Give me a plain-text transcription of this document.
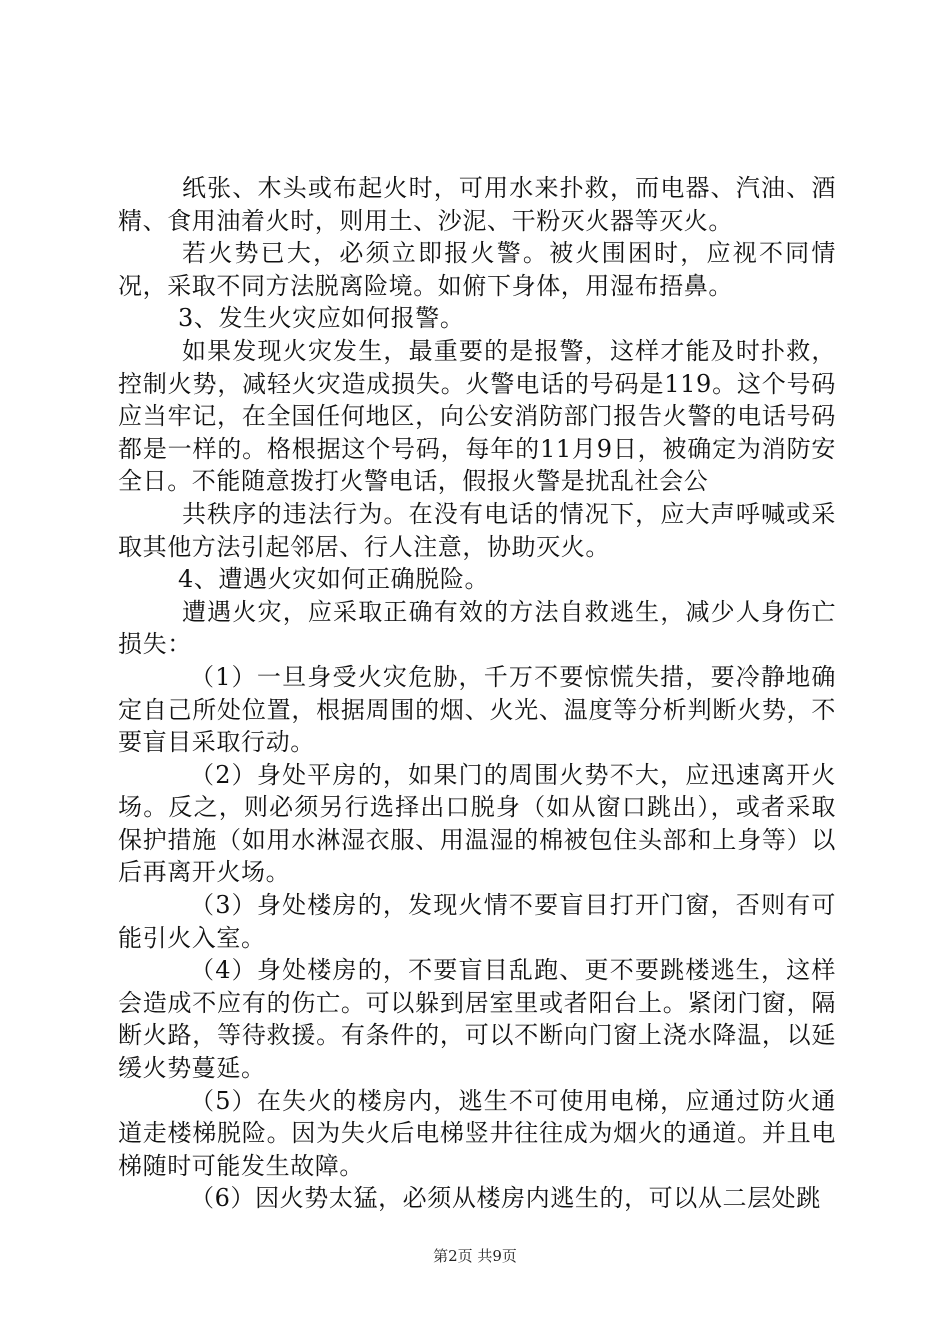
纸张、木头或布起火时，可用水来扑救，而电器、汽油、酒精、食用油着火时，则用土、沙泥、干粉灭火器等灭火。

若火势已大，必须立即报火警。被火围困时，应视不同情况，采取不同方法脱离险境。如俯下身体，用湿布捂鼻。

3、发生火灾应如何报警。

如果发现火灾发生，最重要的是报警，这样才能及时扑救，控制火势，减轻火灾造成损失。火警电话的号码是119。这个号码应当牢记，在全国任何地区，向公安消防部门报告火警的电话号码都是一样的。格根据这个号码，每年的11月9日，被确定为消防安全日。不能随意拨打火警电话，假报火警是扰乱社会公

共秩序的违法行为。在没有电话的情况下，应大声呼喊或采取其他方法引起邻居、行人注意，协助灭火。

4、遭遇火灾如何正确脱险。

遭遇火灾，应采取正确有效的方法自救逃生，减少人身伤亡损失：

（1）一旦身受火灾危胁，千万不要惊慌失措，要冷静地确定自己所处位置，根据周围的烟、火光、温度等分析判断火势，不要盲目采取行动。

（2）身处平房的，如果门的周围火势不大，应迅速离开火场。反之，则必须另行选择出口脱身（如从窗口跳出），或者采取保护措施（如用水淋湿衣服、用温湿的棉被包住头部和上身等）以后再离开火场。

（3）身处楼房的，发现火情不要盲目打开门窗，否则有可能引火入室。

（4）身处楼房的，不要盲目乱跑、更不要跳楼逃生，这样会造成不应有的伤亡。可以躲到居室里或者阳台上。紧闭门窗，隔断火路，等待救援。有条件的，可以不断向门窗上浇水降温，以延缓火势蔓延。

（5）在失火的楼房内，逃生不可使用电梯，应通过防火通道走楼梯脱险。因为失火后电梯竖井往往成为烟火的通道。并且电梯随时可能发生故障。

（6）因火势太猛，必须从楼房内逃生的，可以从二层处跳

第2页 共9页
